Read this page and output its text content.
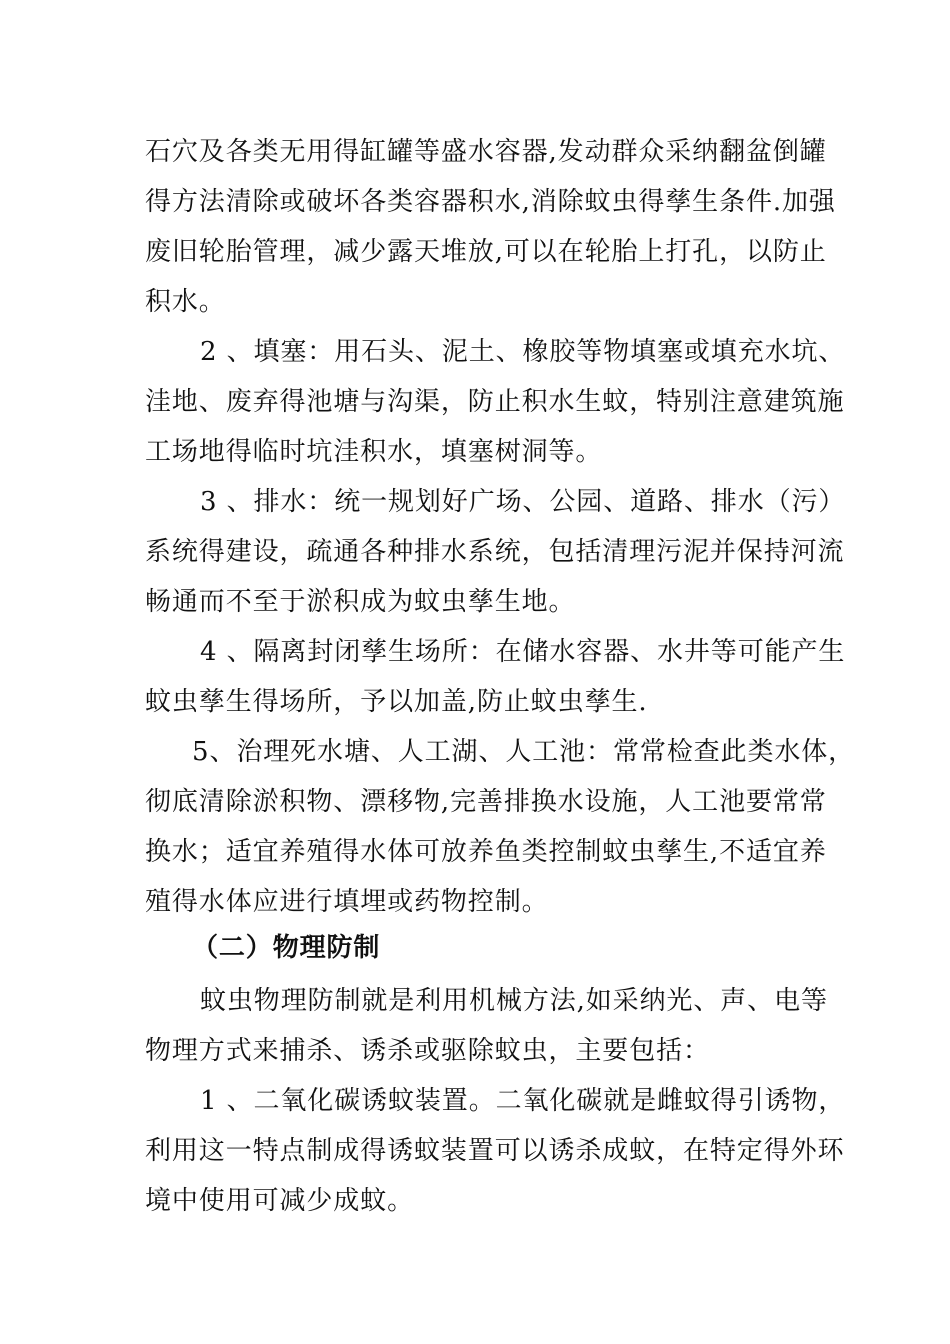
石穴及各类无用得缸罐等盛水容器,发动群众采纳翻盆倒罐
得方法清除或破坏各类容器积水,消除蚊虫得孳生条件.加强
废旧轮胎管理，减少露天堆放,可以在轮胎上打孔，以防止
积水。
2 、填塞：用石头、泥土、橡胶等物填塞或填充水坑、
洼地、废弃得池塘与沟渠，防止积水生蚊，特别注意建筑施
工场地得临时坑洼积水，填塞树洞等。
3 、排水：统一规划好广场、公园、道路、排水（污）
系统得建设，疏通各种排水系统，包括清理污泥并保持河流
畅通而不至于淤积成为蚊虫孳生地。
4 、隔离封闭孳生场所：在储水容器、水井等可能产生
蚊虫孳生得场所，予以加盖,防止蚊虫孳生.
5、治理死水塘、人工湖、人工池：常常检查此类水体，
彻底清除淤积物、漂移物,完善排换水设施，人工池要常常
换水；适宜养殖得水体可放养鱼类控制蚊虫孳生,不适宜养
殖得水体应进行填埋或药物控制。
（二）物理防制
蚊虫物理防制就是利用机械方法,如采纳光、声、电等
物理方式来捕杀、诱杀或驱除蚊虫，主要包括：
1 、二氧化碳诱蚊装置。二氧化碳就是雌蚊得引诱物，
利用这一特点制成得诱蚊装置可以诱杀成蚊，在特定得外环
境中使用可减少成蚊。
